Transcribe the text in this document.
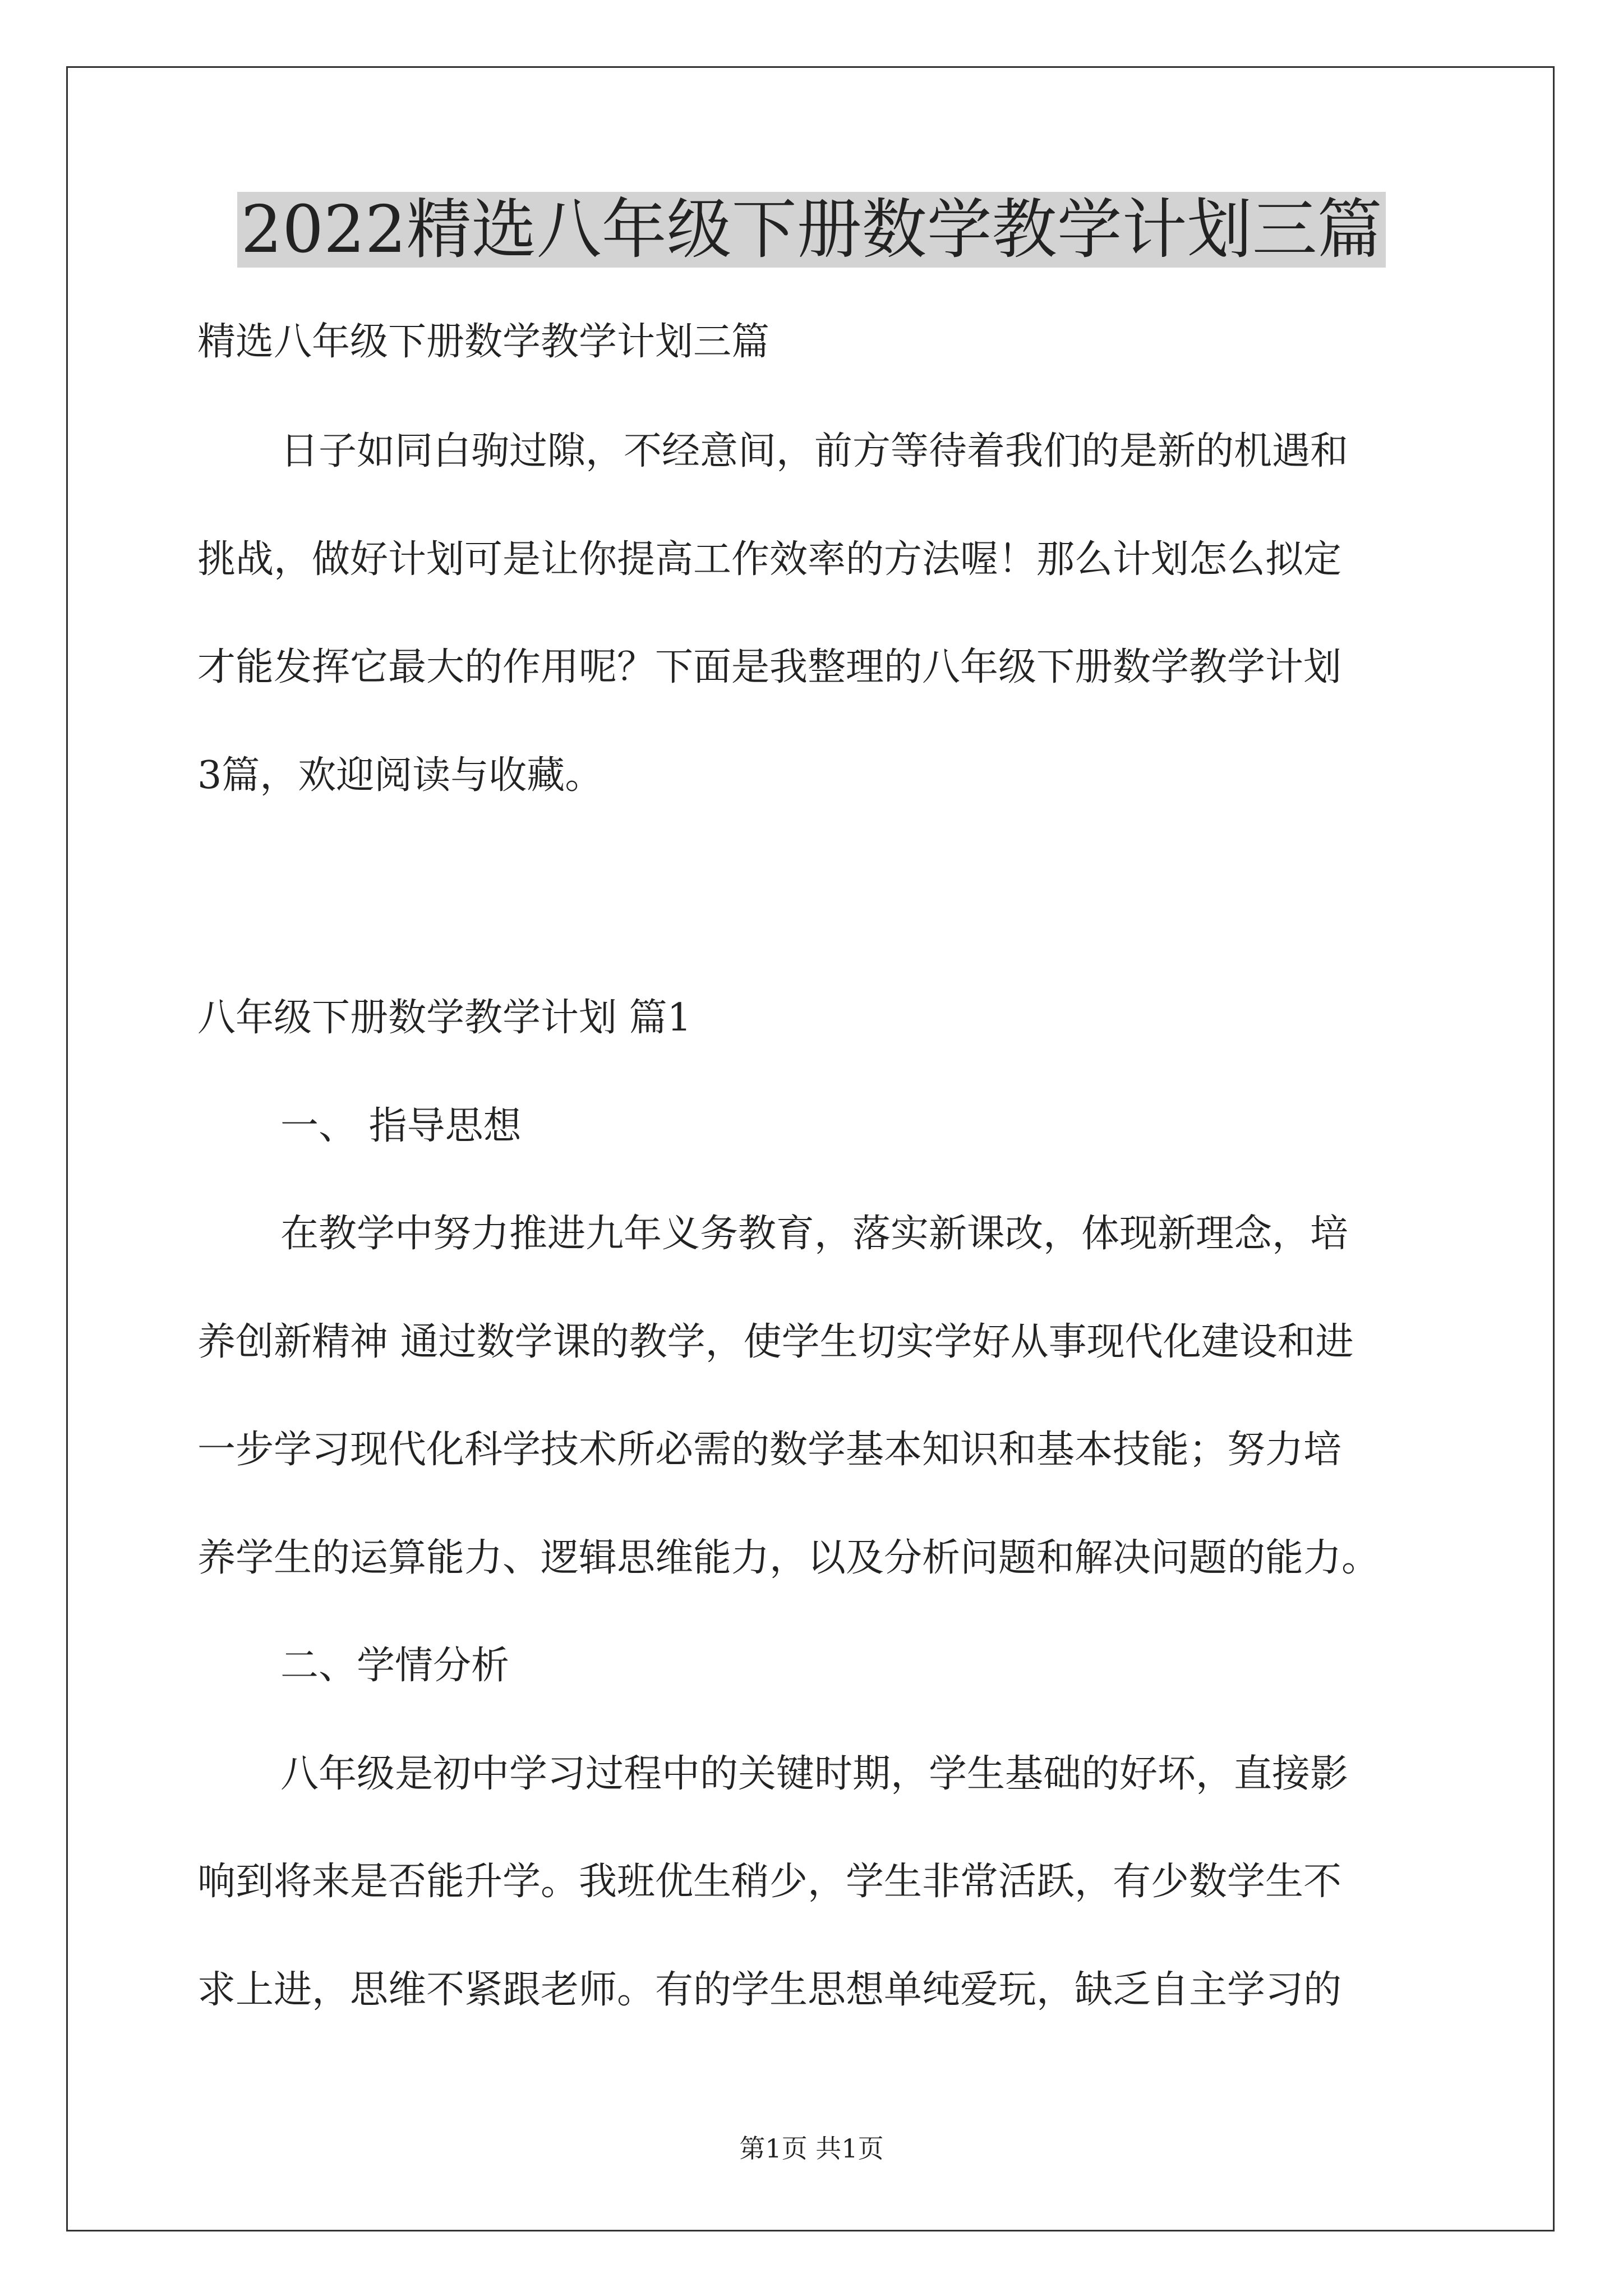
2022精选八年级下册数学教学计划三篇

精选八年级下册数学教学计划三篇

日子如同白驹过隙，不经意间，前方等待着我们的是新的机遇和

挑战，做好计划可是让你提高工作效率的方法喔！那么计划怎么拟定

才能发挥它最大的作用呢？下面是我整理的八年级下册数学教学计划

3篇，欢迎阅读与收藏。

八年级下册数学教学计划 篇1

一、 指导思想

在教学中努力推进九年义务教育，落实新课改，体现新理念，培

养创新精神 通过数学课的教学，使学生切实学好从事现代化建设和进

一步学习现代化科学技术所必需的数学基本知识和基本技能；努力培

养学生的运算能力、逻辑思维能力，以及分析问题和解决问题的能力。

二、学情分析

八年级是初中学习过程中的关键时期，学生基础的好坏，直接影

响到将来是否能升学。我班优生稍少，学生非常活跃，有少数学生不

求上进，思维不紧跟老师。有的学生思想单纯爱玩，缺乏自主学习的

第1页 共1页
